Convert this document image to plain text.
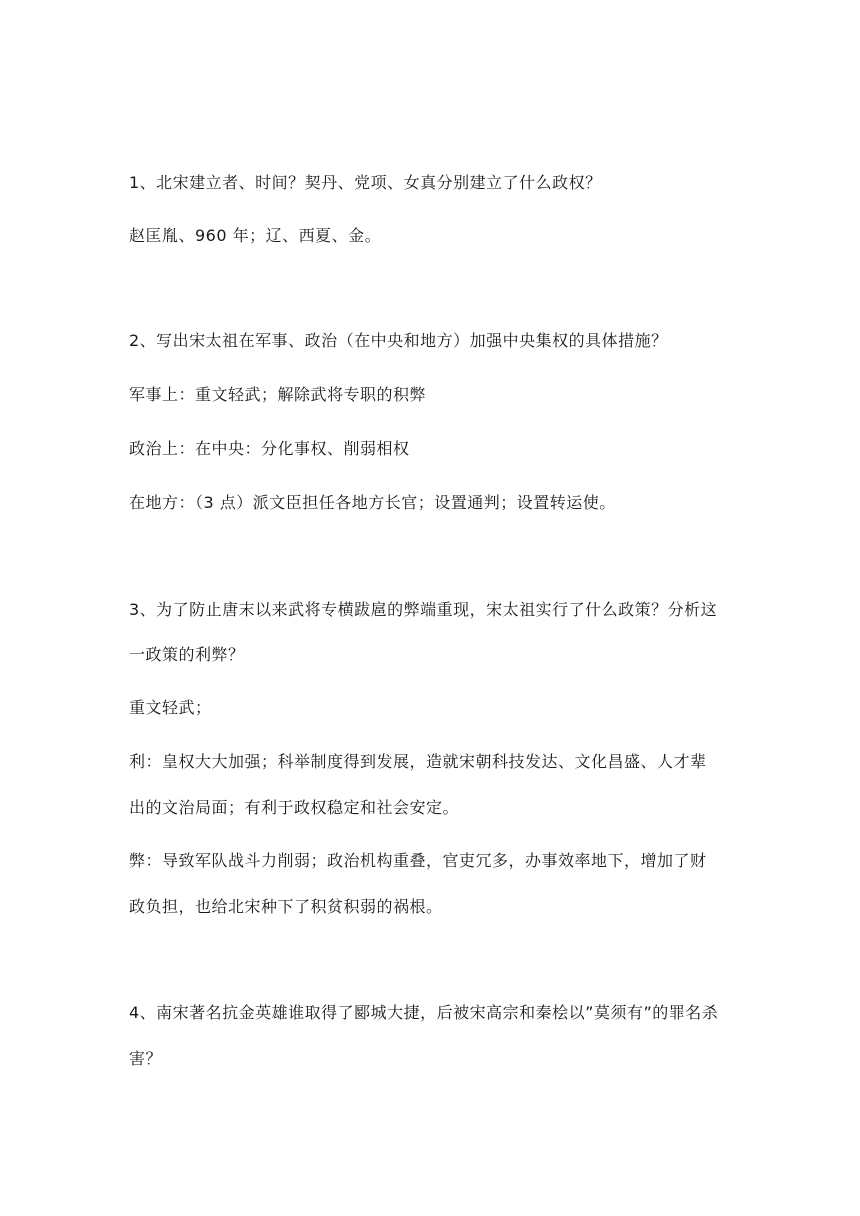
1、北宋建立者、时间？契丹、党项、女真分别建立了什么政权？
赵匡胤、960 年；辽、西夏、金。
2、写出宋太祖在军事、政治（在中央和地方）加强中央集权的具体措施？
军事上：重文轻武；解除武将专职的积弊
政治上：在中央：分化事权、削弱相权
在地方：（3 点）派文臣担任各地方长官；设置通判；设置转运使。
3、为了防止唐末以来武将专横跋扈的弊端重现，宋太祖实行了什么政策？分析这
一政策的利弊？
重文轻武；
利：皇权大大加强；科举制度得到发展，造就宋朝科技发达、文化昌盛、人才辈
出的文治局面；有利于政权稳定和社会安定。
弊：导致军队战斗力削弱；政治机构重叠，官吏冗多，办事效率地下，增加了财
政负担，也给北宋种下了积贫积弱的祸根。
4、南宋著名抗金英雄谁取得了郾城大捷，后被宋高宗和秦桧以”莫须有”的罪名杀
害？
